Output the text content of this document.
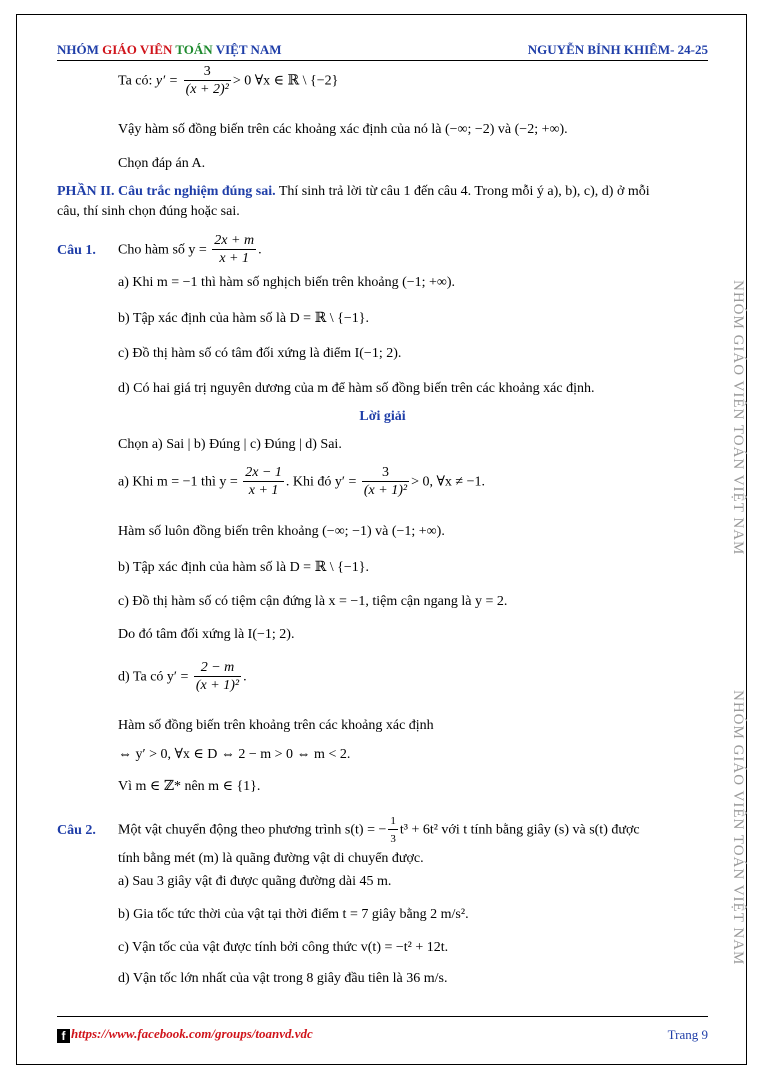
NHÓM GIÁO VIÊN TOÁN VIỆT NAM	NGUYỄN BỈNH KHIÊM- 24-25
Ta có: $y' = \frac{3}{\text{(x + 2)²}} > 0$ ∀x ∈ ℝ \ {−2}
Vậy hàm số đồng biến trên các khoảng xác định của nó là (−∞; −2) và (−2; +∞).
Chọn đáp án A.
PHẦN II. Câu trắc nghiệm đúng sai. Thí sinh trả lời từ câu 1 đến câu 4. Trong mỗi ý a), b), c), d) ở mỗi
câu, thí sinh chọn đúng hoặc sai.
Câu 1. Cho hàm số $y = \frac{2x + m}{x + 1}$ .
a) Khi m = −1 thì hàm số nghịch biến trên khoảng (−1; +∞).
b) Tập xác định của hàm số là D = ℝ \ {−1}.
c) Đồ thị hàm số có tâm đối xứng là điểm I(−1; 2).
d) Có hai giá trị nguyên dương của m để hàm số đồng biến trên các khoảng xác định.
Lời giải
Chọn a) Sai | b) Đúng | c) Đúng | d) Sai.
a) Khi m = −1 thì $y = \frac{2x - 1}{x + 1}$ . Khi đó $y' = \frac{3}{\text{(x + 1)²}} > 0$, ∀x ≠ −1.
Hàm số luôn đồng biến trên khoảng (−∞; −1) và (−1; +∞).
b) Tập xác định của hàm số là D = ℝ \ {−1}.
c) Đồ thị hàm số có tiệm cận đứng là x = −1, tiệm cận ngang là y = 2.
Do đó tâm đối xứng là I(−1; 2).
d) Ta có $y' = \frac{2 - m}{\text{(x + 1)²}}$ .
Hàm số đồng biến trên khoảng trên các khoảng xác định
⇔ y′ > 0, ∀x ∈ D ⇔ 2 − m > 0 ⇔ m < 2.
Vì m ∈ ℤ* nên m ∈ {1}.
Câu 2. Một vật chuyển động theo phương trình s(t) = − $\frac{1}{3} t^3 + 6t^2$ với t tính bằng giây (s) và s(t) được
tính bằng mét (m) là quãng đường vật di chuyển được.
a) Sau 3 giây vật đi được quãng đường dài 45 m.
b) Gia tốc tức thời của vật tại thời điểm t = 7 giây bằng 2 m/s².
c) Vận tốc của vật được tính bởi công thức v(t) = −t² + 12t.
d) Vận tốc lớn nhất của vật trong 8 giây đầu tiên là 36 m/s.
NHÓM GIÁO VIÊN TOÁN VIỆT NAM
NHÓM GIÁO VIÊN TOÁN VIỆT NAM
f https://www.facebook.com/groups/toanvd.vdc	Trang 9
